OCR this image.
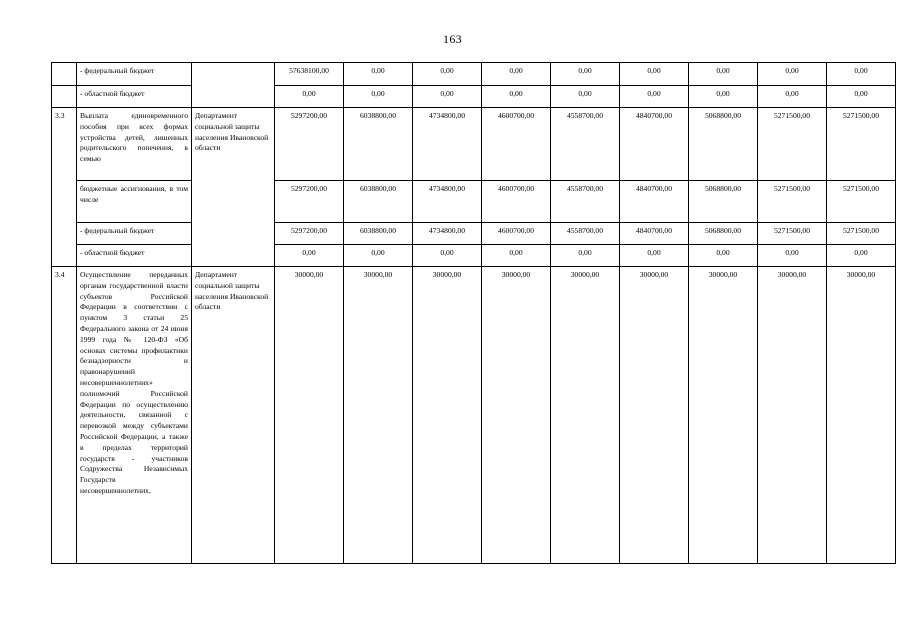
163
	- федеральный бюджет		57638100,00	0,00	0,00	0,00	0,00	0,00	0,00	0,00	0,00
	- областной бюджет		0,00	0,00	0,00	0,00	0,00	0,00	0,00	0,00	0,00
3.3	Выплата единовременного пособия при всех формах устройства детей, лишенных родительского попечения, в семью	Департамент социальной защиты населения Ивановской области	5297200,00	6038800,00	4734800,00	4600700,00	4558700,00	4840700,00	5068800,00	5271500,00	5271500,00
	бюджетные ассигнования, в том числе		5297200,00	6038800,00	4734800,00	4600700,00	4558700,00	4840700,00	5068800,00	5271500,00	5271500,00
	- федеральный бюджет		5297200,00	6038800,00	4734800,00	4600700,00	4558700,00	4840700,00	5068800,00	5271500,00	5271500,00
	- областной бюджет		0,00	0,00	0,00	0,00	0,00	0,00	0,00	0,00	0,00
3.4	Осуществление переданных органам государственной власти субъектов Российской Федерации в соответствии с пунктом 3 статьи 25 Федерального закона от 24 июня 1999 года № 120-ФЗ «Об основах системы профилактики безнадзорности и правонарушений несовершеннолетних» полномочий Российской Федерации по осуществлению деятельности, связанной с перевозкой между субъектами Российской Федерации, а также в пределах территорий государств - участников Содружества Независимых Государств несовершеннолетних,	Департамент социальной защиты населения Ивановской области	30000,00	30000,00	30000,00	30000,00	30000,00	30000,00	30000,00	30000,00	30000,00
